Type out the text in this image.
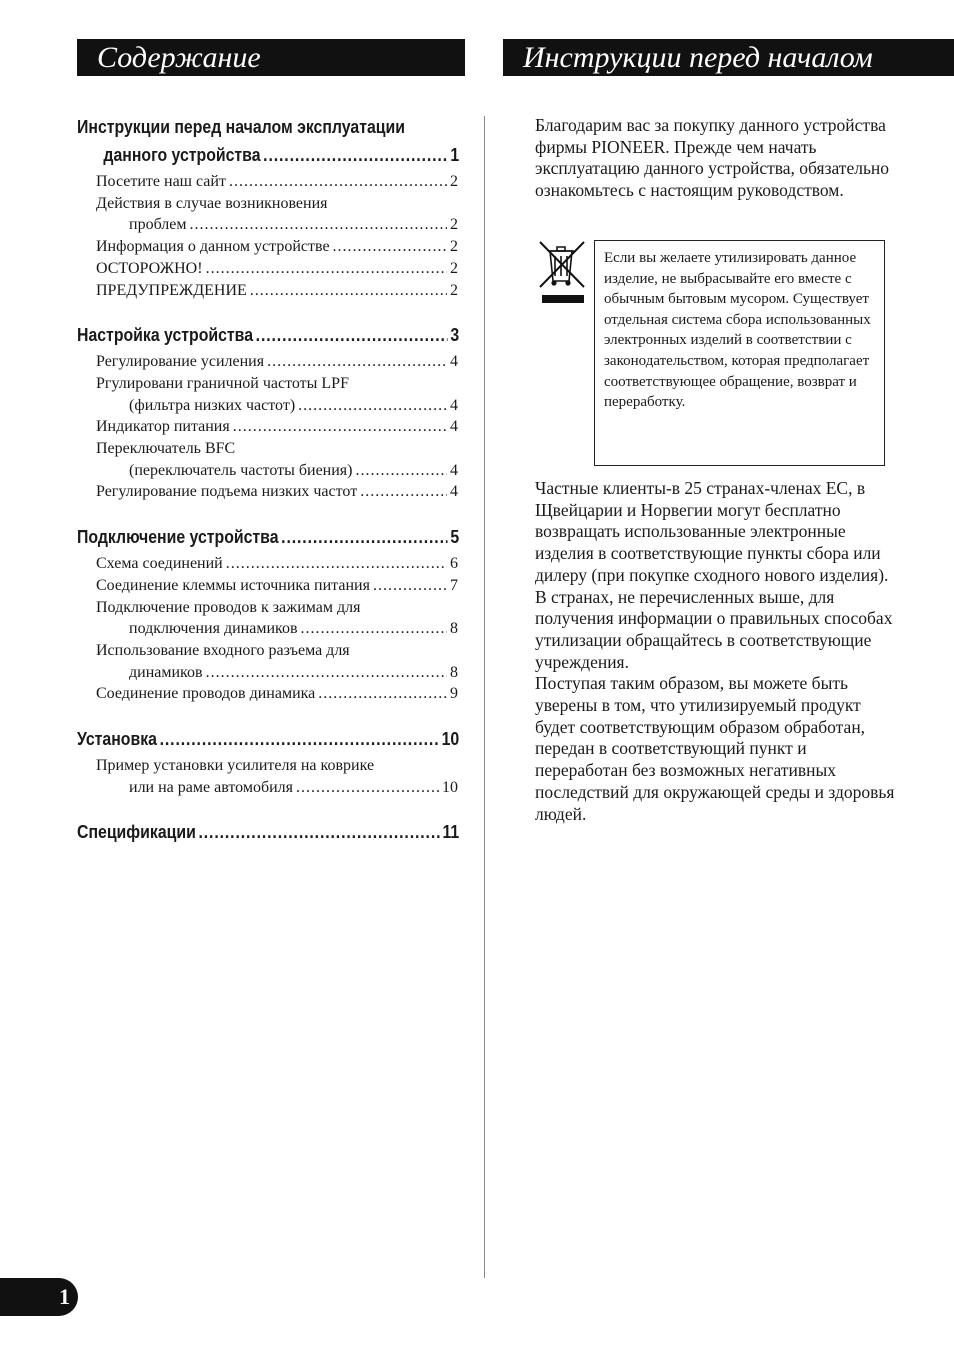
Содержание	Инструкции перед началом
Инструкции перед началом эксплуатации
данного устройства .....	1
Посетите наш сайт .....	2
Действия в случае возникновения
проблем .....	2
Информация о данном устройстве .....	2
ОСТОРОЖНО! .....	2
ПРЕДУПРЕЖДЕНИЕ .....	2
Настройка устройства .....	3
Регулирование усиления .....	4
Ргулировани граничной частоты LPF
(фильтра низких частот) .....	4
Индикатор питания .....	4
Переключатель BFC
(переключатель частоты биения) .....	4
Регулирование подъема низких частот .....	4
Подключение устройства .....	5
Схема соединений .....	6
Соединение клеммы источника питания .....	7
Подключение проводов к зажимам для
подключения динамиков .....	8
Использование входного разъема для
динамиков .....	8
Соединение проводов динамика .....	9
Установка .....	10
Пример установки усилителя на коврике
или на раме автомобиля .....	10
Спецификации .....	11

Благодарим вас за покупку данного устройства фирмы PIONEER. Прежде чем начать эксплуатацию данного устройства, обязательно ознакомьтесь с настоящим руководством.

Если вы желаете утилизировать данное изделие, не выбрасывайте его вместе с обычным бытовым мусором. Существует отдельная система сбора использованных электронных изделий в соответствии с законодательством, которая предполагает соответствующее обращение, возврат и переработку.

Частные клиенты-в 25 странах-членах ЕС, в Щвейцарии и Норвегии могут бесплатно возвращать использованные электронные изделия в соответствующие пункты сбора или дилеру (при покупке сходного нового изделия).

В странах, не перечисленных выше, для получения информации о правильных способах утилизации обращайтесь в соответствующие учреждения.

Поступая таким образом, вы можете быть уверены в том, что утилизируемый продукт будет соответствующим образом обработан, передан в соответствующий пункт и переработан без возможных негативных последствий для окружающей среды и здоровья людей.

1
